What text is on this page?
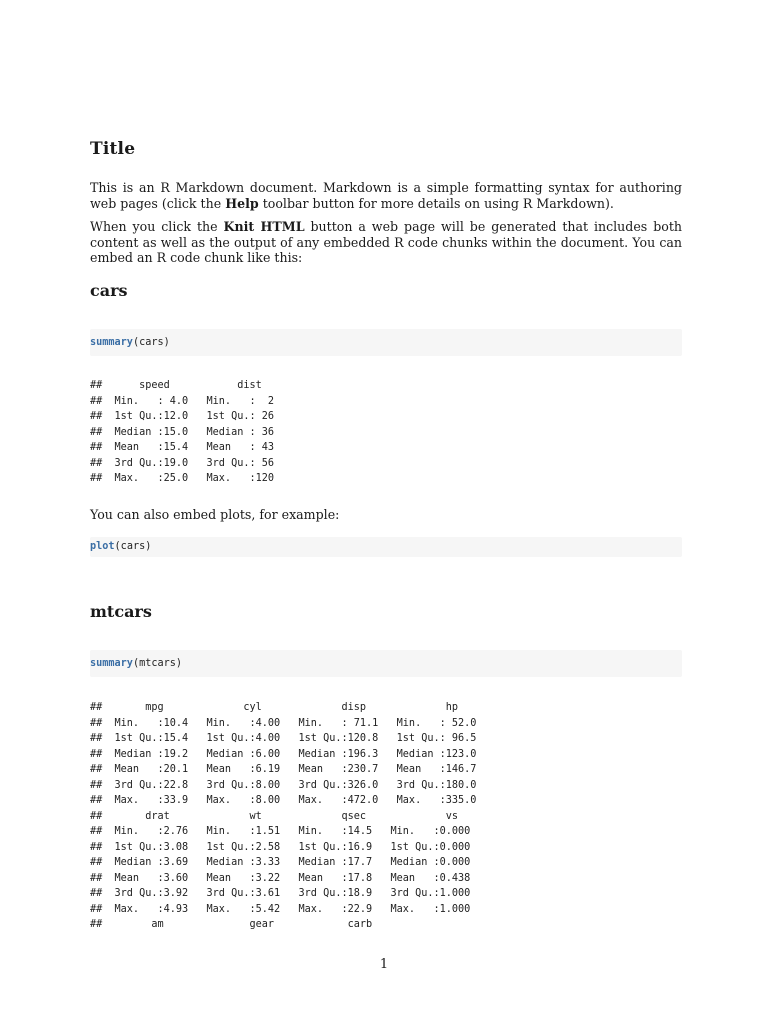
Title

This is an R Markdown document. Markdown is a simple formatting syntax for authoring web pages (click the Help toolbar button for more details on using R Markdown).

When you click the Knit HTML button a web page will be generated that includes both content as well as the output of any embedded R code chunks within the document. You can embed an R code chunk like this:

cars
summary(cars)
##      speed           dist
##  Min.   : 4.0   Min.   :  2
##  1st Qu.:12.0   1st Qu.: 26
##  Median :15.0   Median : 36
##  Mean   :15.4   Mean   : 43
##  3rd Qu.:19.0   3rd Qu.: 56
##  Max.   :25.0   Max.   :120

You can also embed plots, for example:

plot(cars)
mtcars
summary(mtcars)
##       mpg             cyl             disp             hp
##  Min.   :10.4   Min.   :4.00   Min.   : 71.1   Min.   : 52.0
##  1st Qu.:15.4   1st Qu.:4.00   1st Qu.:120.8   1st Qu.: 96.5
##  Median :19.2   Median :6.00   Median :196.3   Median :123.0
##  Mean   :20.1   Mean   :6.19   Mean   :230.7   Mean   :146.7
##  3rd Qu.:22.8   3rd Qu.:8.00   3rd Qu.:326.0   3rd Qu.:180.0
##  Max.   :33.9   Max.   :8.00   Max.   :472.0   Max.   :335.0
##       drat             wt             qsec             vs
##  Min.   :2.76   Min.   :1.51   Min.   :14.5   Min.   :0.000
##  1st Qu.:3.08   1st Qu.:2.58   1st Qu.:16.9   1st Qu.:0.000
##  Median :3.69   Median :3.33   Median :17.7   Median :0.000
##  Mean   :3.60   Mean   :3.22   Mean   :17.8   Mean   :0.438
##  3rd Qu.:3.92   3rd Qu.:3.61   3rd Qu.:18.9   3rd Qu.:1.000
##  Max.   :4.93   Max.   :5.42   Max.   :22.9   Max.   :1.000
##        am              gear            carb
1
